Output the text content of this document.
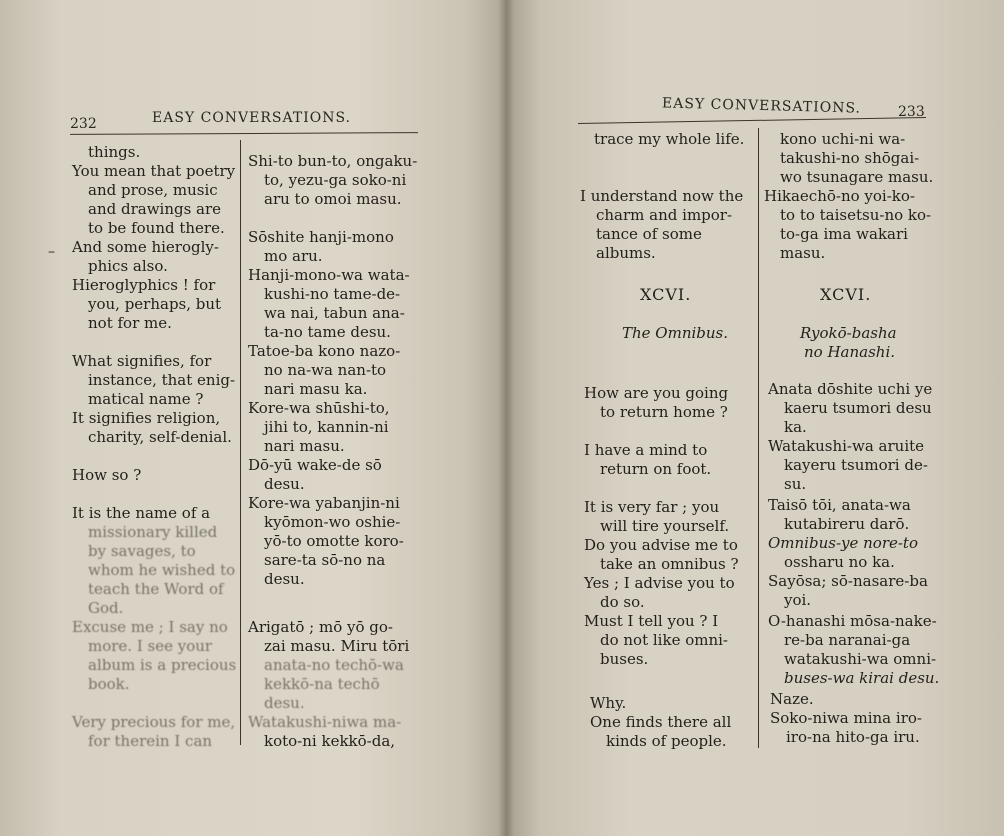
232	EASY CONVERSATIONS.
–
things.
You mean that poetry
and prose, music
and drawings are
to be found there.
And some hierogly-
phics also.
Hieroglyphics ! for
you, perhaps, but
not for me.
What signifies, for
instance, that enig-
matical name ?
It signifies religion,
charity, self-denial.
How so ?
It is the name of a
missionary killed
by savages, to
whom he wished to
teach the Word of
God.
Excuse me ; I say no
more. I see your
album is a precious
book.
Very precious for me,
for therein I can
Shi-to bun-to, ongaku-
to, yezu-ga soko-ni
aru to omoi masu.
Sōshite hanji-mono
mo aru.
Hanji-mono-wa wata-
kushi-no tame-de-
wa nai, tabun ana-
ta-no tame desu.
Tatoe-ba kono nazo-
no na-wa nan-to
nari masu ka.
Kore-wa shūshi-to,
jihi to, kannin-ni
nari masu.
Dō-yū wake-de sō
desu.
Kore-wa yabanjin-ni
kyōmon-wo oshie-
yō-to omotte koro-
sare-ta sō-no na
desu.
Arigatō ; mō yō go-
zai masu. Miru tōri
anata-no techō-wa
kekkō-na techō
desu.
Watakushi-niwa ma-
koto-ni kekkō-da,
EASY CONVERSATIONS.	233
trace my whole life.
I understand now the
charm and impor-
tance of some
albums.
XCVI.
The Omnibus.
How are you going
to return home ?
I have a mind to
return on foot.
It is very far ; you
will tire yourself.
Do you advise me to
take an omnibus ?
Yes ; I advise you to
do so.
Must I tell you ? I
do not like omni-
buses.
Why.
One finds there all
kinds of people.
kono uchi-ni wa-
takushi-no shōgai-
wo tsunagare masu.
Hikaechō-no yoi-ko-
to to taisetsu-no ko-
to-ga ima wakari
masu.
XCVI.
Ryokō-basha
no Hanashi.
Anata dōshite uchi ye
kaeru tsumori desu
ka.
Watakushi-wa aruite
kayeru tsumori de-
su.
Taisō tōi, anata-wa
kutabireru darō.
Omnibus-ye nore-to
ossharu no ka.
Sayōsa; sō-nasare-ba
yoi.
O-hanashi mōsa-nake-
re-ba naranai-ga
watakushi-wa omni-
buses-wa kirai desu.
Naze.
Soko-niwa mina iro-
iro-na hito-ga iru.
